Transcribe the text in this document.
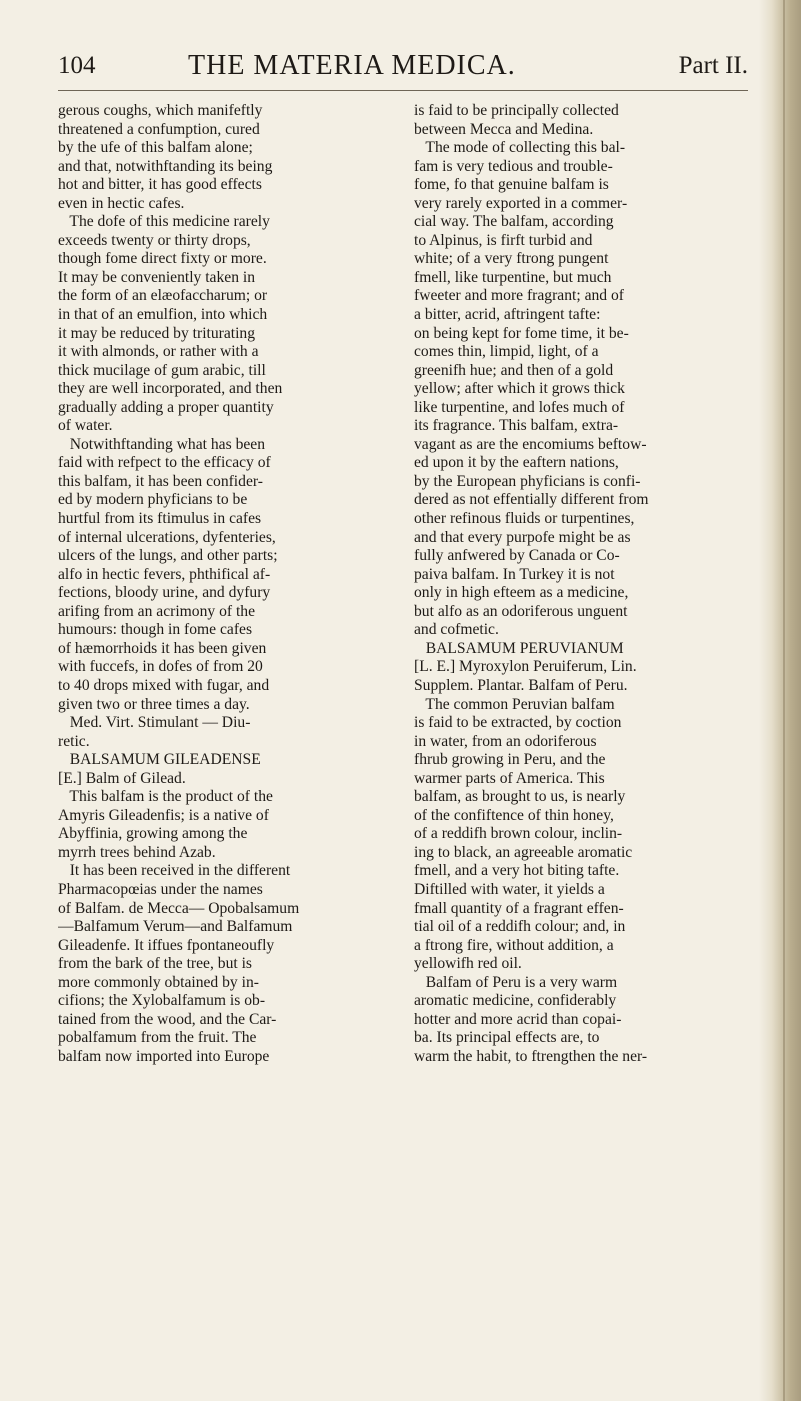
104	THE MATERIA MEDICA.	Part II.
gerous coughs, which manifeftly
threatened a confumption, cured
by the ufe of this balfam alone;
and that, notwithftanding its being
hot and bitter, it has good effects
even in hectic cafes.
The dofe of this medicine rarely
exceeds twenty or thirty drops,
though fome direct fixty or more.
It may be conveniently taken in
the form of an elæofaccharum; or
in that of an emulfion, into which
it may be reduced by triturating
it with almonds, or rather with a
thick mucilage of gum arabic, till
they are well incorporated, and then
gradually adding a proper quantity
of water.
Notwithftanding what has been
faid with refpect to the efficacy of
this balfam, it has been confider-
ed by modern phyficians to be
hurtful from its ftimulus in cafes
of internal ulcerations, dyfenteries,
ulcers of the lungs, and other parts;
alfo in hectic fevers, phthifical af-
fections, bloody urine, and dyfury
arifing from an acrimony of the
humours: though in fome cafes
of hæmorrhoids it has been given
with fuccefs, in dofes of from 20
to 40 drops mixed with fugar, and
given two or three times a day.
Med. Virt. Stimulant — Diu-
retic.
BALSAMUM GILEADENSE
[E.] Balm of Gilead.
This balfam is the product of the
Amyris Gileadenfis; is a native of
Abyffinia, growing among the
myrrh trees behind Azab.
It has been received in the different
Pharmacopœias under the names
of Balfam. de Mecca— Opobalsamum
—Balfamum Verum—and Balfamum
Gileadenfe. It iffues fpontaneoufly
from the bark of the tree, but is
more commonly obtained by in-
cifions; the Xylobalfamum is ob-
tained from the wood, and the Car-
pobalfamum from the fruit. The
balfam now imported into Europe
is faid to be principally collected
between Mecca and Medina.
The mode of collecting this bal-
fam is very tedious and trouble-
fome, fo that genuine balfam is
very rarely exported in a commer-
cial way. The balfam, according
to Alpinus, is firft turbid and
white; of a very ftrong pungent
fmell, like turpentine, but much
fweeter and more fragrant; and of
a bitter, acrid, aftringent tafte:
on being kept for fome time, it be-
comes thin, limpid, light, of a
greenifh hue; and then of a gold
yellow; after which it grows thick
like turpentine, and lofes much of
its fragrance. This balfam, extra-
vagant as are the encomiums beftow-
ed upon it by the eaftern nations,
by the European phyficians is confi-
dered as not effentially different from
other refinous fluids or turpentines,
and that every purpofe might be as
fully anfwered by Canada or Co-
paiva balfam. In Turkey it is not
only in high efteem as a medicine,
but alfo as an odoriferous unguent
and cofmetic.
BALSAMUM PERUVIANUM
[L. E.] Myroxylon Peruiferum, Lin.
Supplem. Plantar. Balfam of Peru.
The common Peruvian balfam
is faid to be extracted, by coction
in water, from an odoriferous
fhrub growing in Peru, and the
warmer parts of America. This
balfam, as brought to us, is nearly
of the confiftence of thin honey,
of a reddifh brown colour, inclin-
ing to black, an agreeable aromatic
fmell, and a very hot biting tafte.
Diftilled with water, it yields a
fmall quantity of a fragrant effen-
tial oil of a reddifh colour; and, in
a ftrong fire, without addition, a
yellowifh red oil.
Balfam of Peru is a very warm
aromatic medicine, confiderably
hotter and more acrid than copai-
ba. Its principal effects are, to
warm the habit, to ftrengthen the ner-
